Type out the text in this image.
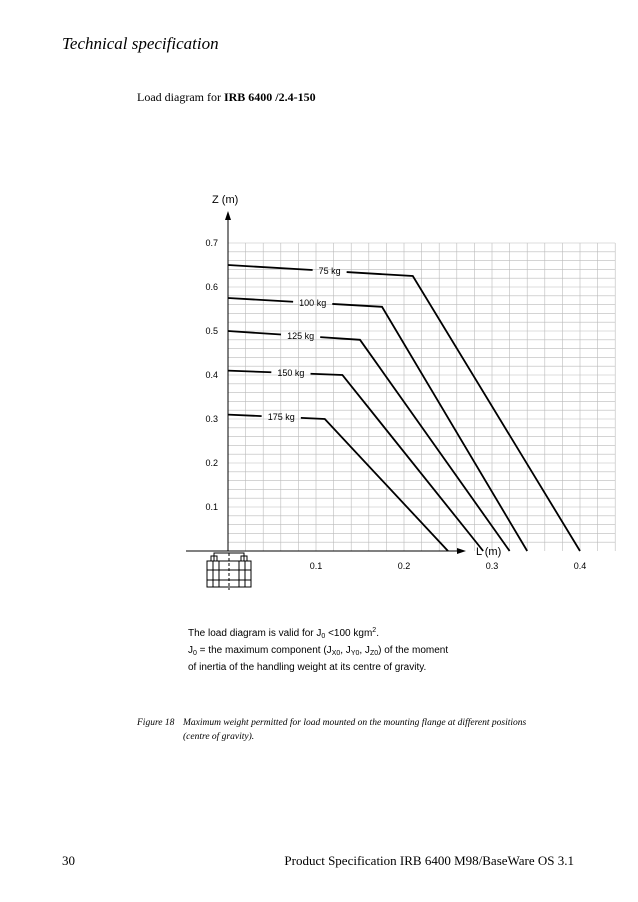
Technical specification
Load diagram for IRB 6400 /2.4-150
0.1	0.2	0.3	0.4
0.1
0.2
0.3
0.4
0.5
0.6
0.7
75 kg
100 kg
125 kg
150 kg
175 kg
L (m)
Z (m)
The load diagram is valid for $J_0 <100$ kgm$^2$.
$J_0$ = the maximum component ($J_{X0}$, $J_{Y0}$, $J_{Z0}$) of the moment
of inertia of the handling weight at its centre of gravity.
Figure 18 Maximum weight permitted for load mounted on the mounting flange at different positions
(centre of gravity).
30	Product Specification IRB 6400 M98/BaseWare OS 3.1
